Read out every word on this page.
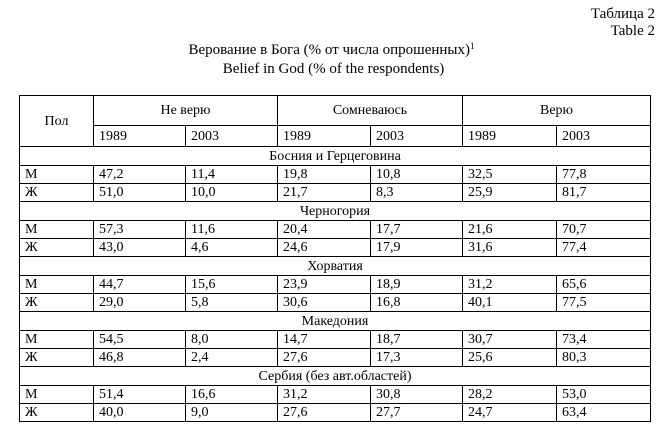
Таблица 2
Table 2
Верование в Бога (% от числа опрошенных)$^1$
Belief in God (% of the respondents)
Пол	Не верю		Сомневаюсь		Верю	
	1989	2003	1989	2003	1989	2003
Босния и Герцеговина						
М	47,2	11,4	19,8	10,8	32,5	77,8
Ж	51,0	10,0	21,7	8,3	25,9	81,7
Черногория						
М	57,3	11,6	20,4	17,7	21,6	70,7
Ж	43,0	4,6	24,6	17,9	31,6	77,4
Хорватия						
М	44,7	15,6	23,9	18,9	31,2	65,6
Ж	29,0	5,8	30,6	16,8	40,1	77,5
Македония						
М	54,5	8,0	14,7	18,7	30,7	73,4
Ж	46,8	2,4	27,6	17,3	25,6	80,3
Сербия (без авт.областей)						
М	51,4	16,6	31,2	30,8	28,2	53,0
Ж	40,0	9,0	27,6	27,7	24,7	63,4
